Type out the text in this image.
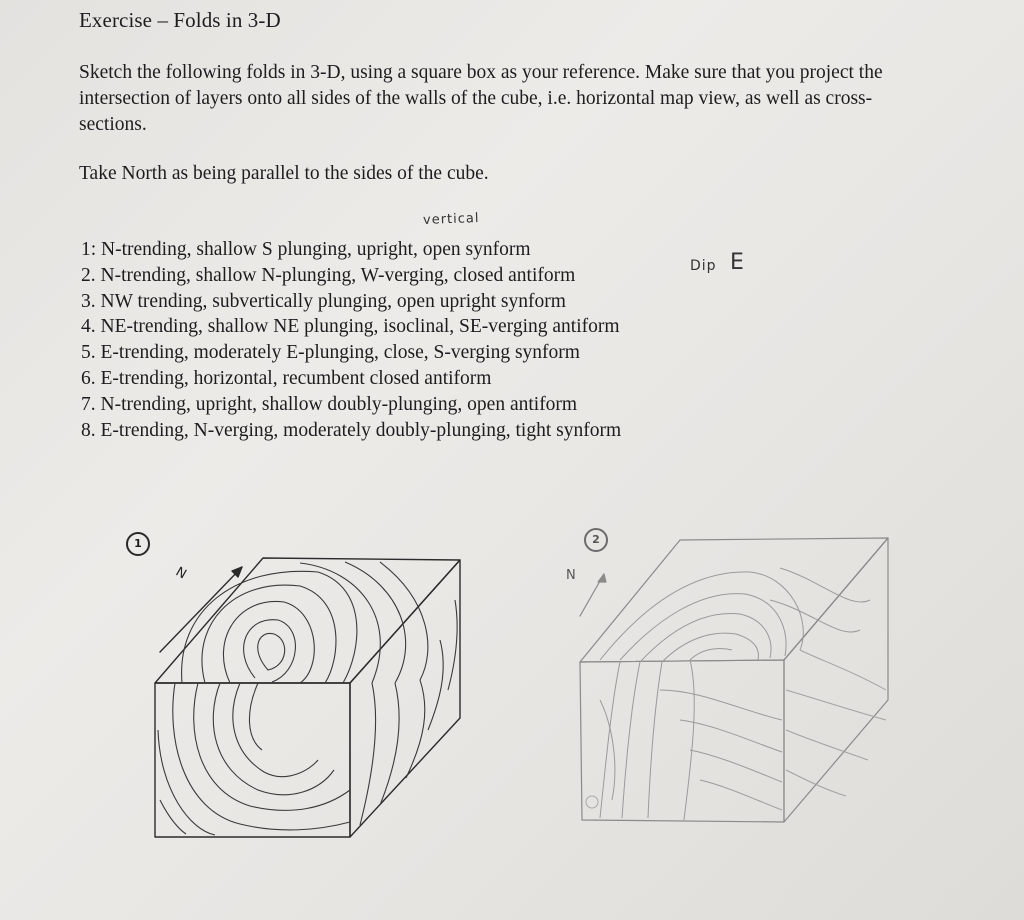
Exercise – Folds in 3-D
Sketch the following folds in 3-D, using a square box as your reference. Make sure that you project the intersection of layers onto all sides of the walls of the cube, i.e. horizontal map view, as well as cross-sections.
Take North as being parallel to the sides of the cube.
vertical
1: N-trending, shallow S plunging, upright, open synform
2. N-trending, shallow N-plunging, W-verging, closed antiform
3. NW trending, subvertically plunging, open upright synform
4. NE-trending, shallow NE plunging, isoclinal, SE-verging antiform
5. E-trending, moderately E-plunging, close, S-verging synform
6. E-trending, horizontal, recumbent closed antiform
7. N-trending, upright, shallow doubly-plunging, open antiform
8. E-trending, N-verging, moderately doubly-plunging, tight synform
Dip E
1	2
N	N
